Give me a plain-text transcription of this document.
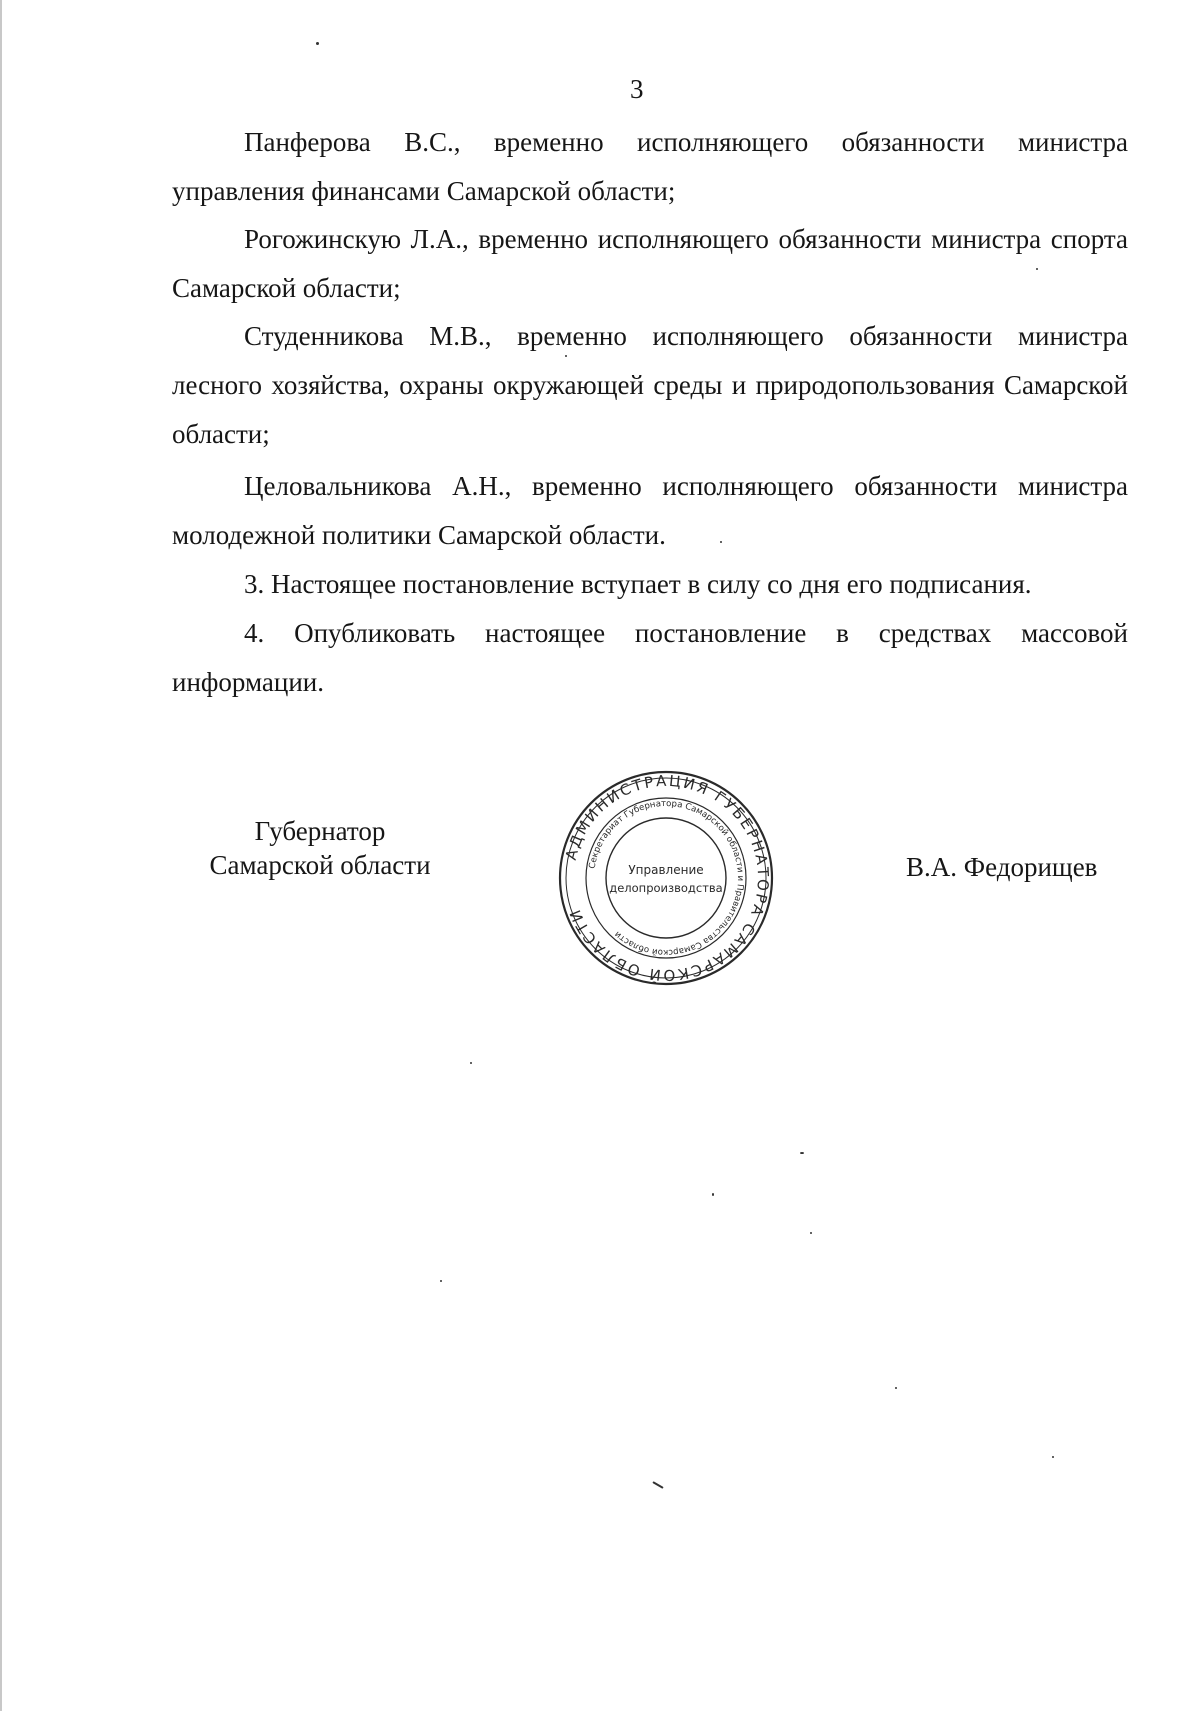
3

Панферова В.С., временно исполняющего обязанности министра управления финансами Самарской области;

Рогожинскую Л.А., временно исполняющего обязанности министра спорта Самарской области;

Студенникова М.В., временно исполняющего обязанности министра лесного хозяйства, охраны окружающей среды и природопользования Самарской области;

Целовальникова А.Н., временно исполняющего обязанности министра молодежной политики Самарской области.

3. Настоящее постановление вступает в силу со дня его подписания.

4. Опубликовать настоящее постановление в средствах массовой информации.

Губернатор
Самарской области	АДМИНИСТРАЦИЯ ГУБЕРНАТОРА САМАРСКОЙ ОБЛАСТИ
Секретариат Губернатора Самарской области и Правительства Самарской области
Управление
делопроизводства
В.А. Федорищев
